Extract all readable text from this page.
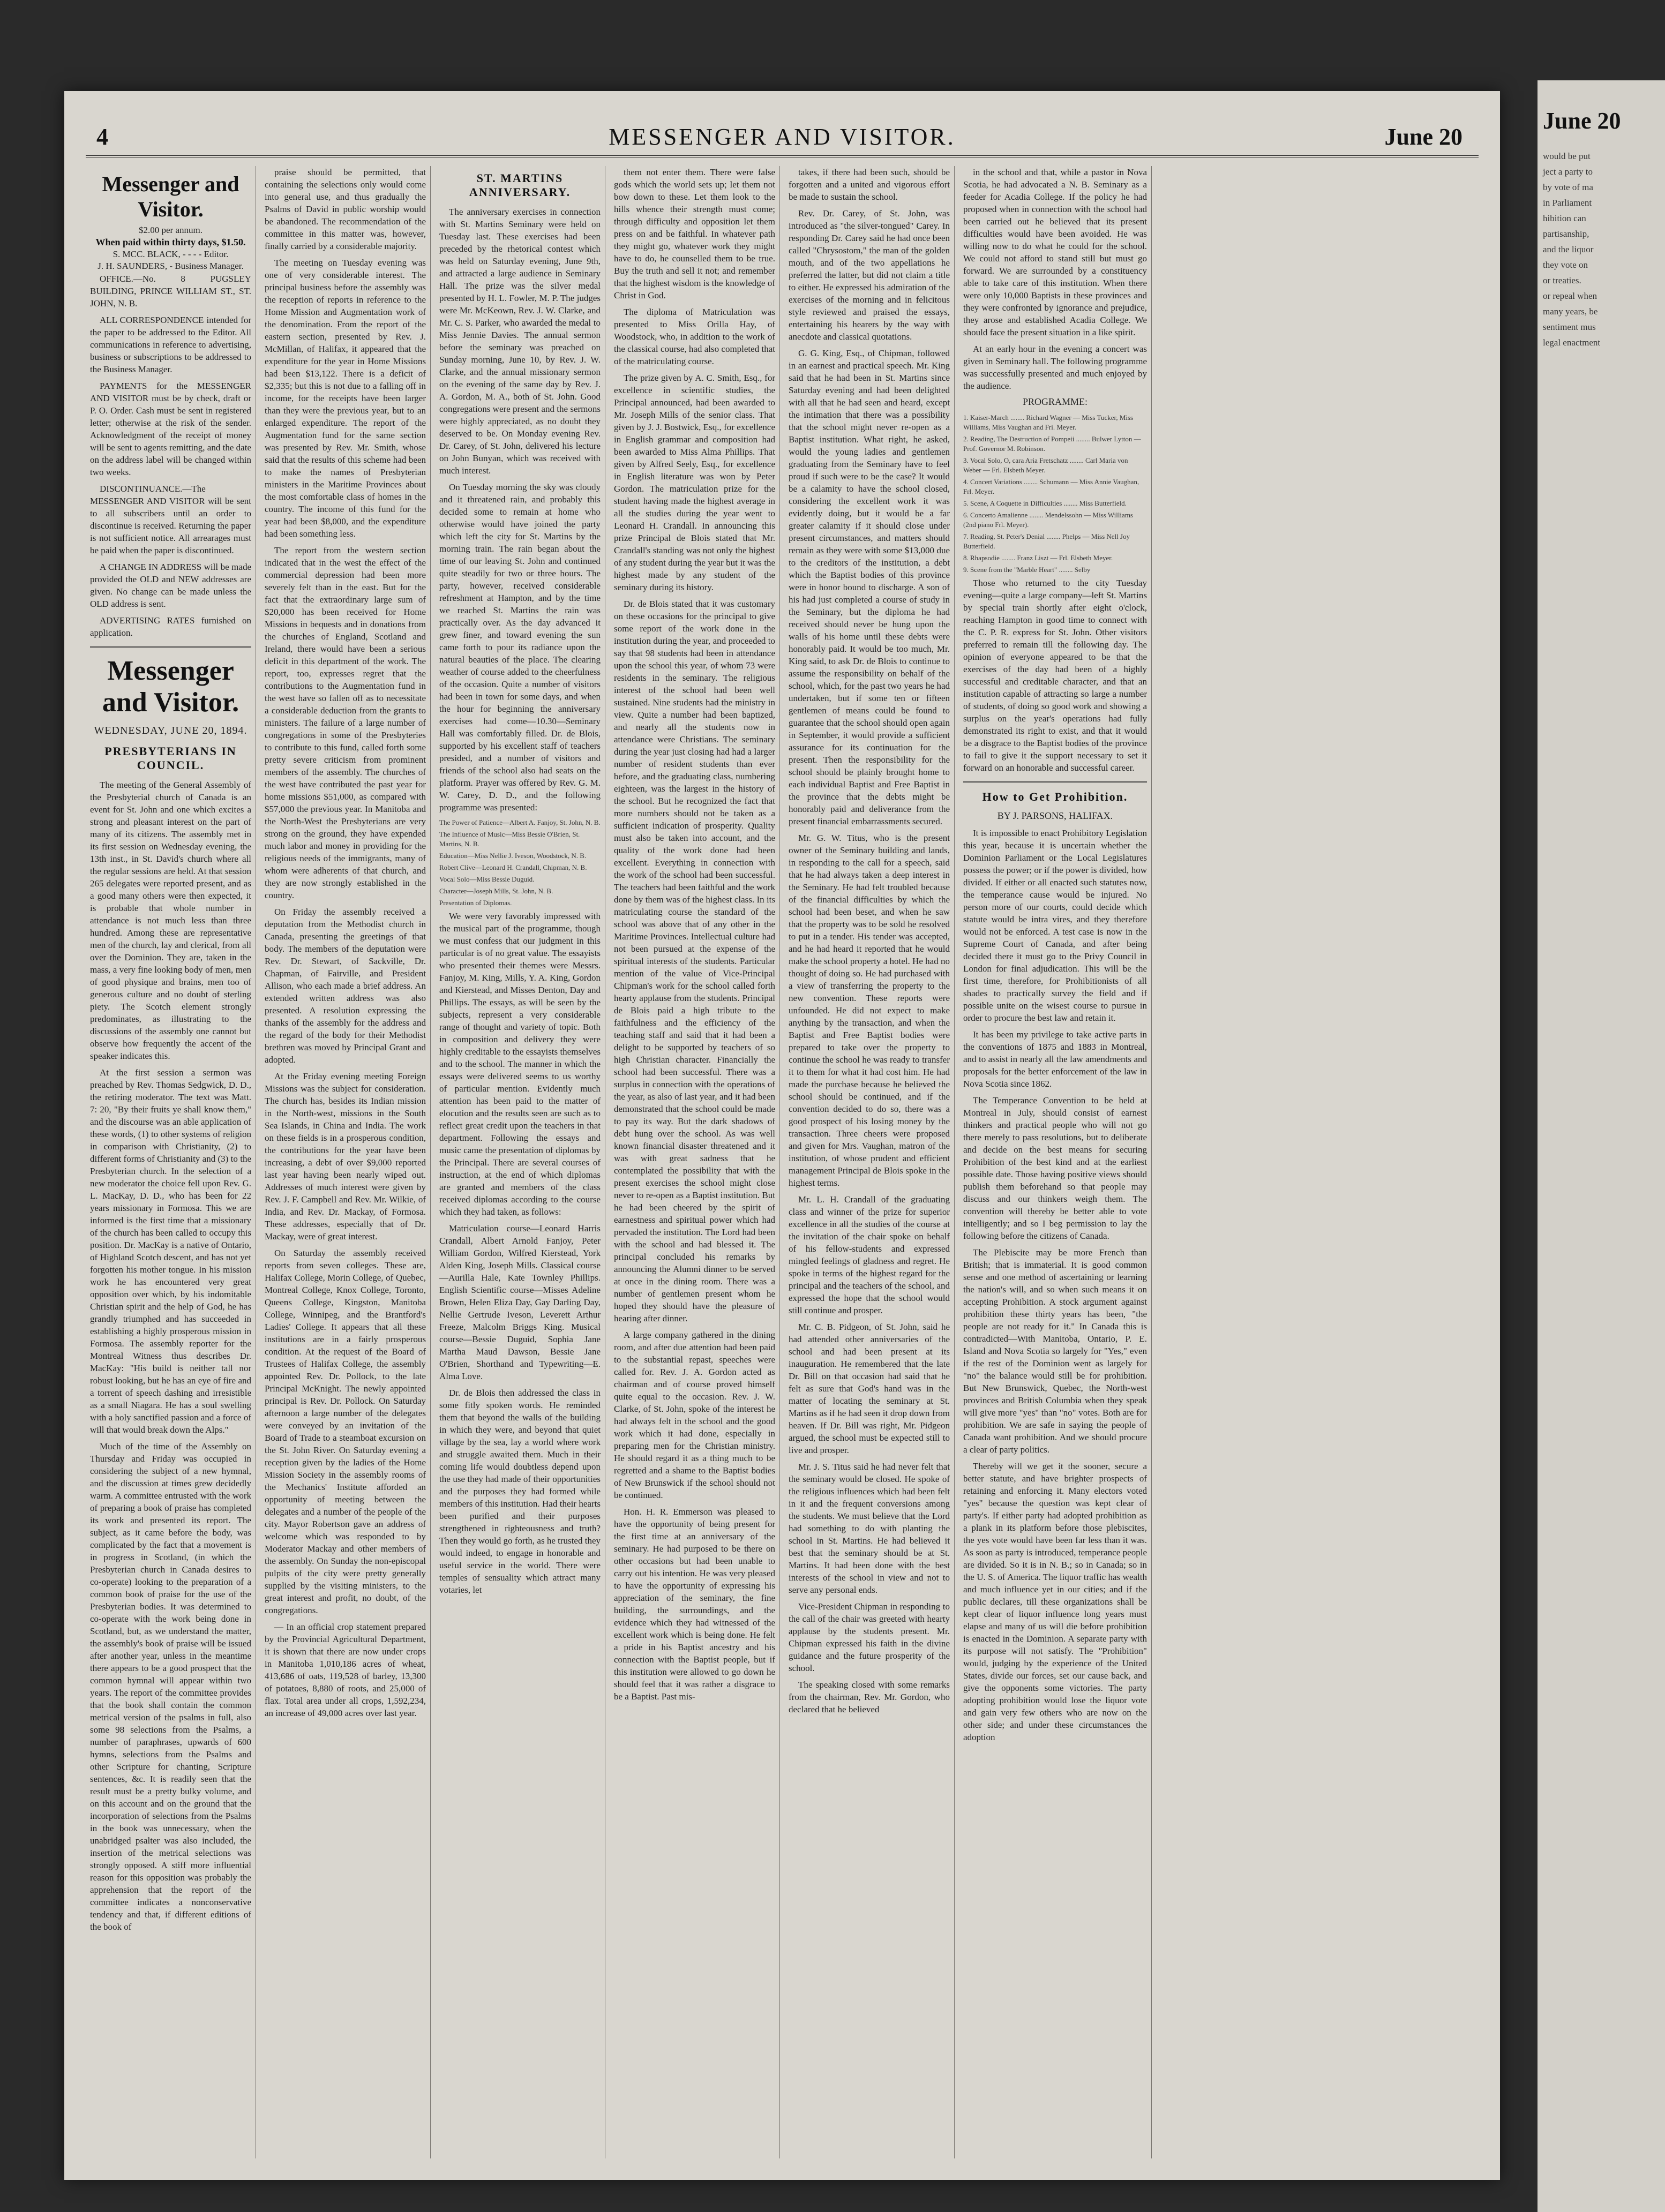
4	MESSENGER AND VISITOR.	June 20
Messenger and Visitor.
$2.00 per annum.
When paid within thirty days, $1.50.
S. MCC. BLACK, - - - - Editor.
J. H. SAUNDERS, - Business Manager.

OFFICE.—No. 8 PUGSLEY BUILDING, PRINCE WILLIAM ST., ST. JOHN, N. B.

ALL CORRESPONDENCE intended for the paper to be addressed to the Editor. All communications in reference to advertising, business or subscriptions to be addressed to the Business Manager.

PAYMENTS for the MESSENGER AND VISITOR must be by check, draft or P. O. Order. Cash must be sent in registered letter; otherwise at the risk of the sender. Acknowledgment of the receipt of money will be sent to agents remitting, and the date on the address label will be changed within two weeks.

DISCONTINUANCE.—The MESSENGER AND VISITOR will be sent to all subscribers until an order to discontinue is received. Returning the paper is not sufficient notice. All arrearages must be paid when the paper is discontinued.

A CHANGE IN ADDRESS will be made provided the OLD and NEW addresses are given. No change can be made unless the OLD address is sent.

ADVERTISING RATES furnished on application.

Messenger and Visitor.
WEDNESDAY, JUNE 20, 1894.
PRESBYTERIANS IN COUNCIL.

The meeting of the General Assembly of the Presbyterial church of Canada is an event for St. John and one which excites a strong and pleasant interest on the part of many of its citizens. The assembly met in its first session on Wednesday evening, the 13th inst., in St. David's church where all the regular sessions are held. At that session 265 delegates were reported present, and as a good many others were then expected, it is probable that whole number in attendance is not much less than three hundred. Among these are representative men of the church, lay and clerical, from all over the Dominion. They are, taken in the mass, a very fine looking body of men, men of good physique and brains, men too of generous culture and no doubt of sterling piety. The Scotch element strongly predominates, as illustrating to the discussions of the assembly one cannot but observe how frequently the accent of the speaker indicates this.

At the first session a sermon was preached by Rev. Thomas Sedgwick, D. D., the retiring moderator. The text was Matt. 7: 20, "By their fruits ye shall know them," and the discourse was an able application of these words, (1) to other systems of religion in comparison with Christianity, (2) to different forms of Christianity and (3) to the Presbyterian church. In the selection of a new moderator the choice fell upon Rev. G. L. MacKay, D. D., who has been for 22 years missionary in Formosa. This we are informed is the first time that a missionary of the church has been called to occupy this position. Dr. MacKay is a native of Ontario, of Highland Scotch descent, and has not yet forgotten his mother tongue. In his mission work he has encountered very great opposition over which, by his indomitable Christian spirit and the help of God, he has grandly triumphed and has succeeded in establishing a highly prosperous mission in Formosa. The assembly reporter for the Montreal Witness thus describes Dr. MacKay: "His build is neither tall nor robust looking, but he has an eye of fire and a torrent of speech dashing and irresistible as a small Niagara. He has a soul swelling with a holy sanctified passion and a force of will that would break down the Alps."

Much of the time of the Assembly on Thursday and Friday was occupied in considering the subject of a new hymnal, and the discussion at times grew decidedly warm. A committee entrusted with the work of preparing a book of praise has completed its work and presented its report. The subject, as it came before the body, was complicated by the fact that a movement is in progress in Scotland, (in which the Presbyterian church in Canada desires to co-operate) looking to the preparation of a common book of praise for the use of the Presbyterian bodies. It was determined to co-operate with the work being done in Scotland, but, as we understand the matter, the assembly's book of praise will be issued after another year, unless in the meantime there appears to be a good prospect that the common hymnal will appear within two years. The report of the committee provides that the book shall contain the common metrical version of the psalms in full, also some 98 selections from the Psalms, a number of paraphrases, upwards of 600 hymns, selections from the Psalms and other Scripture for chanting, Scripture sentences, &c. It is readily seen that the result must be a pretty bulky volume, and on this account and on the ground that the incorporation of selections from the Psalms in the book was unnecessary, when the unabridged psalter was also included, the insertion of the metrical selections was strongly opposed. A stiff more influential reason for this opposition was probably the apprehension that the report of the committee indicates a nonconservative tendency and that, if different editions of the book of

praise should be permitted, that containing the selections only would come into general use, and thus gradually the Psalms of David in public worship would be abandoned. The recommendation of the committee in this matter was, however, finally carried by a considerable majority.

The meeting on Tuesday evening was one of very considerable interest. The principal business before the assembly was the reception of reports in reference to the Home Mission and Augmentation work of the denomination. From the report of the eastern section, presented by Rev. J. McMillan, of Halifax, it appeared that the expenditure for the year in Home Missions had been $13,122. There is a deficit of $2,335; but this is not due to a falling off in income, for the receipts have been larger than they were the previous year, but to an enlarged expenditure. The report of the Augmentation fund for the same section was presented by Rev. Mr. Smith, whose said that the results of this scheme had been to make the names of Presbyterian ministers in the Maritime Provinces about the most comfortable class of homes in the country. The income of this fund for the year had been $8,000, and the expenditure had been something less.

The report from the western section indicated that in the west the effect of the commercial depression had been more severely felt than in the east. But for the fact that the extraordinary large sum of $20,000 has been received for Home Missions in bequests and in donations from the churches of England, Scotland and Ireland, there would have been a serious deficit in this department of the work. The report, too, expresses regret that the contributions to the Augmentation fund in the west have so fallen off as to necessitate a considerable deduction from the grants to ministers. The failure of a large number of congregations in some of the Presbyteries to contribute to this fund, called forth some pretty severe criticism from prominent members of the assembly. The churches of the west have contributed the past year for home missions $51,000, as compared with $57,000 the previous year. In Manitoba and the North-West the Presbyterians are very strong on the ground, they have expended much labor and money in providing for the religious needs of the immigrants, many of whom were adherents of that church, and they are now strongly established in the country.

On Friday the assembly received a deputation from the Methodist church in Canada, presenting the greetings of that body. The members of the deputation were Rev. Dr. Stewart, of Sackville, Dr. Chapman, of Fairville, and President Allison, who each made a brief address. An extended written address was also presented. A resolution expressing the thanks of the assembly for the address and the regard of the body for their Methodist brethren was moved by Principal Grant and adopted.

At the Friday evening meeting Foreign Missions was the subject for consideration. The church has, besides its Indian mission in the North-west, missions in the South Sea Islands, in China and India. The work on these fields is in a prosperous condition, the contributions for the year have been increasing, a debt of over $9,000 reported last year having been nearly wiped out. Addresses of much interest were given by Rev. J. F. Campbell and Rev. Mr. Wilkie, of India, and Rev. Dr. Mackay, of Formosa. These addresses, especially that of Dr. Mackay, were of great interest.

On Saturday the assembly received reports from seven colleges. These are, Halifax College, Morin College, of Quebec, Montreal College, Knox College, Toronto, Queens College, Kingston, Manitoba College, Winnipeg, and the Brantford's Ladies' College. It appears that all these institutions are in a fairly prosperous condition. At the request of the Board of Trustees of Halifax College, the assembly appointed Rev. Dr. Pollock, to the late Principal McKnight. The newly appointed principal is Rev. Dr. Pollock. On Saturday afternoon a large number of the delegates were conveyed by an invitation of the Board of Trade to a steamboat excursion on the St. John River. On Saturday evening a reception given by the ladies of the Home Mission Society in the assembly rooms of the Mechanics' Institute afforded an opportunity of meeting between the delegates and a number of the people of the city. Mayor Robertson gave an address of welcome which was responded to by Moderator Mackay and other members of the assembly. On Sunday the non-episcopal pulpits of the city were pretty generally supplied by the visiting ministers, to the great interest and profit, no doubt, of the congregations.

— In an official crop statement prepared by the Provincial Agricultural Department, it is shown that there are now under crops in Manitoba 1,010,186 acres of wheat, 413,686 of oats, 119,528 of barley, 13,300 of potatoes, 8,880 of roots, and 25,000 of flax. Total area under all crops, 1,592,234, an increase of 49,000 acres over last year.

ST. MARTINS ANNIVERSARY.

The anniversary exercises in connection with St. Martins Seminary were held on Tuesday last. These exercises had been preceded by the rhetorical contest which was held on Saturday evening, June 9th, and attracted a large audience in Seminary Hall. The prize was the silver medal presented by H. L. Fowler, M. P. The judges were Mr. McKeown, Rev. J. W. Clarke, and Mr. C. S. Parker, who awarded the medal to Miss Jennie Davies. The annual sermon before the seminary was preached on Sunday morning, June 10, by Rev. J. W. Clarke, and the annual missionary sermon on the evening of the same day by Rev. J. A. Gordon, M. A., both of St. John. Good congregations were present and the sermons were highly appreciated, as no doubt they deserved to be. On Monday evening Rev. Dr. Carey, of St. John, delivered his lecture on John Bunyan, which was received with much interest.

On Tuesday morning the sky was cloudy and it threatened rain, and probably this decided some to remain at home who otherwise would have joined the party which left the city for St. Martins by the morning train. The rain began about the time of our leaving St. John and continued quite steadily for two or three hours. The party, however, received considerable refreshment at Hampton, and by the time we reached St. Martins the rain was practically over. As the day advanced it grew finer, and toward evening the sun came forth to pour its radiance upon the natural beauties of the place. The clearing weather of course added to the cheerfulness of the occasion. Quite a number of visitors had been in town for some days, and when the hour for beginning the anniversary exercises had come—10.30—Seminary Hall was comfortably filled. Dr. de Blois, supported by his excellent staff of teachers presided, and a number of visitors and friends of the school also had seats on the platform. Prayer was offered by Rev. G. M. W. Carey, D. D., and the following programme was presented:

The Power of Patience—Albert A. Fanjoy, St. John, N. B.
The Influence of Music—Miss Bessie O'Brien, St. Martins, N. B.
Education—Miss Nellie J. Iveson, Woodstock, N. B.
Robert Clive—Leonard H. Crandall, Chipman, N. B.
Vocal Solo—Miss Bessie Duguid.
Character—Joseph Mills, St. John, N. B.
Presentation of Diplomas.

We were very favorably impressed with the musical part of the programme, though we must confess that our judgment in this particular is of no great value. The essayists who presented their themes were Messrs. Fanjoy, M. King, Mills, Y. A. King, Gordon and Kierstead, and Misses Denton, Day and Phillips. The essays, as will be seen by the subjects, represent a very considerable range of thought and variety of topic. Both in composition and delivery they were highly creditable to the essayists themselves and to the school. The manner in which the essays were delivered seems to us worthy of particular mention. Evidently much attention has been paid to the matter of elocution and the results seen are such as to reflect great credit upon the teachers in that department. Following the essays and music came the presentation of diplomas by the Principal. There are several courses of instruction, at the end of which diplomas are granted and members of the class received diplomas according to the course which they had taken, as follows:

Matriculation course—Leonard Harris Crandall, Albert Arnold Fanjoy, Peter William Gordon, Wilfred Kierstead, York Alden King, Joseph Mills. Classical course—Aurilla Hale, Kate Townley Phillips. English Scientific course—Misses Adeline Brown, Helen Eliza Day, Gay Darling Day, Nellie Gertrude Iveson, Leverett Arthur Freeze, Malcolm Briggs King. Musical course—Bessie Duguid, Sophia Jane Martha Maud Dawson, Bessie Jane O'Brien, Shorthand and Typewriting—E. Alma Love.

Dr. de Blois then addressed the class in some fitly spoken words. He reminded them that beyond the walls of the building in which they were, and beyond that quiet village by the sea, lay a world where work and struggle awaited them. Much in their coming life would doubtless depend upon the use they had made of their opportunities and the purposes they had formed while members of this institution. Had their hearts been purified and their purposes strengthened in righteousness and truth? Then they would go forth, as he trusted they would indeed, to engage in honorable and useful service in the world. There were temples of sensuality which attract many votaries, let

them not enter them. There were false gods which the world sets up; let them not bow down to these. Let them look to the hills whence their strength must come; through difficulty and opposition let them press on and be faithful. In whatever path they might go, whatever work they might have to do, he counselled them to be true. Buy the truth and sell it not; and remember that the highest wisdom is the knowledge of Christ in God.

The diploma of Matriculation was presented to Miss Orilla Hay, of Woodstock, who, in addition to the work of the classical course, had also completed that of the matriculating course.

The prize given by A. C. Smith, Esq., for excellence in scientific studies, the Principal announced, had been awarded to Mr. Joseph Mills of the senior class. That given by J. J. Bostwick, Esq., for excellence in English grammar and composition had been awarded to Miss Alma Phillips. That given by Alfred Seely, Esq., for excellence in English literature was won by Peter Gordon. The matriculation prize for the student having made the highest average in all the studies during the year went to Leonard H. Crandall. In announcing this prize Principal de Blois stated that Mr. Crandall's standing was not only the highest of any student during the year but it was the highest made by any student of the seminary during its history.

Dr. de Blois stated that it was customary on these occasions for the principal to give some report of the work done in the institution during the year, and proceeded to say that 98 students had been in attendance upon the school this year, of whom 73 were residents in the seminary. The religious interest of the school had been well sustained. Nine students had the ministry in view. Quite a number had been baptized, and nearly all the students now in attendance were Christians. The seminary during the year just closing had had a larger number of resident students than ever before, and the graduating class, numbering eighteen, was the largest in the history of the school. But he recognized the fact that more numbers should not be taken as a sufficient indication of prosperity. Quality must also be taken into account, and the quality of the work done had been excellent. Everything in connection with the work of the school had been successful. The teachers had been faithful and the work done by them was of the highest class. In its matriculating course the standard of the school was above that of any other in the Maritime Provinces. Intellectual culture had not been pursued at the expense of the spiritual interests of the students. Particular mention of the value of Vice-Principal Chipman's work for the school called forth hearty applause from the students. Principal de Blois paid a high tribute to the faithfulness and the efficiency of the teaching staff and said that it had been a delight to be supported by teachers of so high Christian character. Financially the school had been successful. There was a surplus in connection with the operations of the year, as also of last year, and it had been demonstrated that the school could be made to pay its way. But the dark shadows of debt hung over the school. As was well known financial disaster threatened and it was with great sadness that he contemplated the possibility that with the present exercises the school might close never to re-open as a Baptist institution. But he had been cheered by the spirit of earnestness and spiritual power which had pervaded the institution. The Lord had been with the school and had blessed it. The principal concluded his remarks by announcing the Alumni dinner to be served at once in the dining room. There was a number of gentlemen present whom he hoped they should have the pleasure of hearing after dinner.

A large company gathered in the dining room, and after due attention had been paid to the substantial repast, speeches were called for. Rev. J. A. Gordon acted as chairman and of course proved himself quite equal to the occasion. Rev. J. W. Clarke, of St. John, spoke of the interest he had always felt in the school and the good work which it had done, especially in preparing men for the Christian ministry. He should regard it as a thing much to be regretted and a shame to the Baptist bodies of New Brunswick if the school should not be continued.

Hon. H. R. Emmerson was pleased to have the opportunity of being present for the first time at an anniversary of the seminary. He had purposed to be there on other occasions but had been unable to carry out his intention. He was very pleased to have the opportunity of expressing his appreciation of the seminary, the fine building, the surroundings, and the evidence which they had witnessed of the excellent work which is being done. He felt a pride in his Baptist ancestry and his connection with the Baptist people, but if this institution were allowed to go down he should feel that it was rather a disgrace to be a Baptist. Past mis-

takes, if there had been such, should be forgotten and a united and vigorous effort be made to sustain the school.

Rev. Dr. Carey, of St. John, was introduced as "the silver-tongued" Carey. In responding Dr. Carey said he had once been called "Chrysostom," the man of the golden mouth, and of the two appellations he preferred the latter, but did not claim a title to either. He expressed his admiration of the exercises of the morning and in felicitous style reviewed and praised the essays, entertaining his hearers by the way with anecdote and classical quotations.

G. G. King, Esq., of Chipman, followed in an earnest and practical speech. Mr. King said that he had been in St. Martins since Saturday evening and had been delighted with all that he had seen and heard, except the intimation that there was a possibility that the school might never re-open as a Baptist institution. What right, he asked, would the young ladies and gentlemen graduating from the Seminary have to feel proud if such were to be the case? It would be a calamity to have the school closed, considering the excellent work it was evidently doing, but it would be a far greater calamity if it should close under present circumstances, and matters should remain as they were with some $13,000 due to the creditors of the institution, a debt which the Baptist bodies of this province were in honor bound to discharge. A son of his had just completed a course of study in the Seminary, but the diploma he had received should never be hung upon the walls of his home until these debts were honorably paid. It would be too much, Mr. King said, to ask Dr. de Blois to continue to assume the responsibility on behalf of the school, which, for the past two years he had undertaken, but if some ten or fifteen gentlemen of means could be found to guarantee that the school should open again in September, it would provide a sufficient assurance for its continuation for the present. Then the responsibility for the school should be plainly brought home to each individual Baptist and Free Baptist in the province that the debts might be honorably paid and deliverance from the present financial embarrassments secured.

Mr. G. W. Titus, who is the present owner of the Seminary building and lands, in responding to the call for a speech, said that he had always taken a deep interest in the Seminary. He had felt troubled because of the financial difficulties by which the school had been beset, and when he saw that the property was to be sold he resolved to put in a tender. His tender was accepted, and he had heard it reported that he would make the school property a hotel. He had no thought of doing so. He had purchased with a view of transferring the property to the new convention. These reports were unfounded. He did not expect to make anything by the transaction, and when the Baptist and Free Baptist bodies were prepared to take over the property to continue the school he was ready to transfer it to them for what it had cost him. He had made the purchase because he believed the school should be continued, and if the convention decided to do so, there was a good prospect of his losing money by the transaction. Three cheers were proposed and given for Mrs. Vaughan, matron of the institution, of whose prudent and efficient management Principal de Blois spoke in the highest terms.

Mr. L. H. Crandall of the graduating class and winner of the prize for superior excellence in all the studies of the course at the invitation of the chair spoke on behalf of his fellow-students and expressed mingled feelings of gladness and regret. He spoke in terms of the highest regard for the principal and the teachers of the school, and expressed the hope that the school would still continue and prosper.

Mr. C. B. Pidgeon, of St. John, said he had attended other anniversaries of the school and had been present at its inauguration. He remembered that the late Dr. Bill on that occasion had said that he felt as sure that God's hand was in the matter of locating the seminary at St. Martins as if he had seen it drop down from heaven. If Dr. Bill was right, Mr. Pidgeon argued, the school must be expected still to live and prosper.

Mr. J. S. Titus said he had never felt that the seminary would be closed. He spoke of the religious influences which had been felt in it and the frequent conversions among the students. We must believe that the Lord had something to do with planting the school in St. Martins. He had believed it best that the seminary should be at St. Martins. It had been done with the best interests of the school in view and not to serve any personal ends.

Vice-President Chipman in responding to the call of the chair was greeted with hearty applause by the students present. Mr. Chipman expressed his faith in the divine guidance and the future prosperity of the school.

The speaking closed with some remarks from the chairman, Rev. Mr. Gordon, who declared that he believed

in the school and that, while a pastor in Nova Scotia, he had advocated a N. B. Seminary as a feeder for Acadia College. If the policy he had proposed when in connection with the school had been carried out he believed that its present difficulties would have been avoided. He was willing now to do what he could for the school. We could not afford to stand still but must go forward. We are surrounded by a constituency able to take care of this institution. When there were only 10,000 Baptists in these provinces and they were confronted by ignorance and prejudice, they arose and established Acadia College. We should face the present situation in a like spirit.

At an early hour in the evening a concert was given in Seminary hall. The following programme was successfully presented and much enjoyed by the audience.

PROGRAMME:
1. Kaiser-March ........ Richard Wagner — Miss Tucker, Miss Williams, Miss Vaughan and Fri. Meyer.
2. Reading, The Destruction of Pompeii ........ Bulwer Lytton — Prof. Governor M. Robinson.
3. Vocal Solo, O, cara Aria Fretschatz ........ Carl Maria von Weber — Frl. Elsbeth Meyer.
4. Concert Variations ........ Schumann — Miss Annie Vaughan, Frl. Meyer.
5. Scene, A Coquette in Difficulties ........ Miss Butterfield.
6. Concerto Amalienne ........ Mendelssohn — Miss Williams (2nd piano Frl. Meyer).
7. Reading, St. Peter's Denial ........ Phelps — Miss Nell Joy Butterfield.
8. Rhapsodie ........ Franz Liszt — Frl. Elsbeth Meyer.
9. Scene from the "Marble Heart" ........ Selby

Those who returned to the city Tuesday evening—quite a large company—left St. Martins by special train shortly after eight o'clock, reaching Hampton in good time to connect with the C. P. R. express for St. John. Other visitors preferred to remain till the following day. The opinion of everyone appeared to be that the exercises of the day had been of a highly successful and creditable character, and that an institution capable of attracting so large a number of students, of doing so good work and showing a surplus on the year's operations had fully demonstrated its right to exist, and that it would be a disgrace to the Baptist bodies of the province to fail to give it the support necessary to set it forward on an honorable and successful career.

How to Get Prohibition.
BY J. PARSONS, HALIFAX.

It is impossible to enact Prohibitory Legislation this year, because it is uncertain whether the Dominion Parliament or the Local Legislatures possess the power; or if the power is divided, how divided. If either or all enacted such statutes now, the temperance cause would be injured. No person more of our courts, could decide which statute would be intra vires, and they therefore would not be enforced. A test case is now in the Supreme Court of Canada, and after being decided there it must go to the Privy Council in London for final adjudication. This will be the first time, therefore, for Prohibitionists of all shades to practically survey the field and if possible unite on the wisest course to pursue in order to procure the best law and retain it.

It has been my privilege to take active parts in the conventions of 1875 and 1883 in Montreal, and to assist in nearly all the law amendments and proposals for the better enforcement of the law in Nova Scotia since 1862.

The Temperance Convention to be held at Montreal in July, should consist of earnest thinkers and practical people who will not go there merely to pass resolutions, but to deliberate and decide on the best means for securing Prohibition of the best kind and at the earliest possible date. Those having positive views should publish them beforehand so that people may discuss and our thinkers weigh them. The convention will thereby be better able to vote intelligently; and so I beg permission to lay the following before the citizens of Canada.

The Plebiscite may be more French than British; that is immaterial. It is good common sense and one method of ascertaining or learning the nation's will, and so when such means it on accepting Prohibition. A stock argument against prohibition these thirty years has been, "the people are not ready for it." In Canada this is contradicted—With Manitoba, Ontario, P. E. Island and Nova Scotia so largely for "Yes," even if the rest of the Dominion went as largely for "no" the balance would still be for prohibition. But New Brunswick, Quebec, the North-west provinces and British Columbia when they speak will give more "yes" than "no" votes. Both are for prohibition. We are safe in saying the people of Canada want prohibition. And we should procure a clear of party politics.

Thereby will we get it the sooner, secure a better statute, and have brighter prospects of retaining and enforcing it. Many electors voted "yes" because the question was kept clear of party's. If either party had adopted prohibition as a plank in its platform before those plebiscites, the yes vote would have been far less than it was. As soon as party is introduced, temperance people are divided. So it is in N. B.; so in Canada; so in the U. S. of America. The liquor traffic has wealth and much influence yet in our cities; and if the public declares, till these organizations shall be kept clear of liquor influence long years must elapse and many of us will die before prohibition is enacted in the Dominion. A separate party with its purpose will not satisfy. The "Prohibition" would, judging by the experience of the United States, divide our forces, set our cause back, and give the opponents some victories. The party adopting prohibition would lose the liquor vote and gain very few others who are now on the other side; and under these circumstances the adoption

June 20

would be put

ject a party to

by vote of ma

in Parliament

hibition can

partisanship,

and the liquor

they vote on

or treaties.

or repeal when

many years, be

sentiment mus

legal enactment
